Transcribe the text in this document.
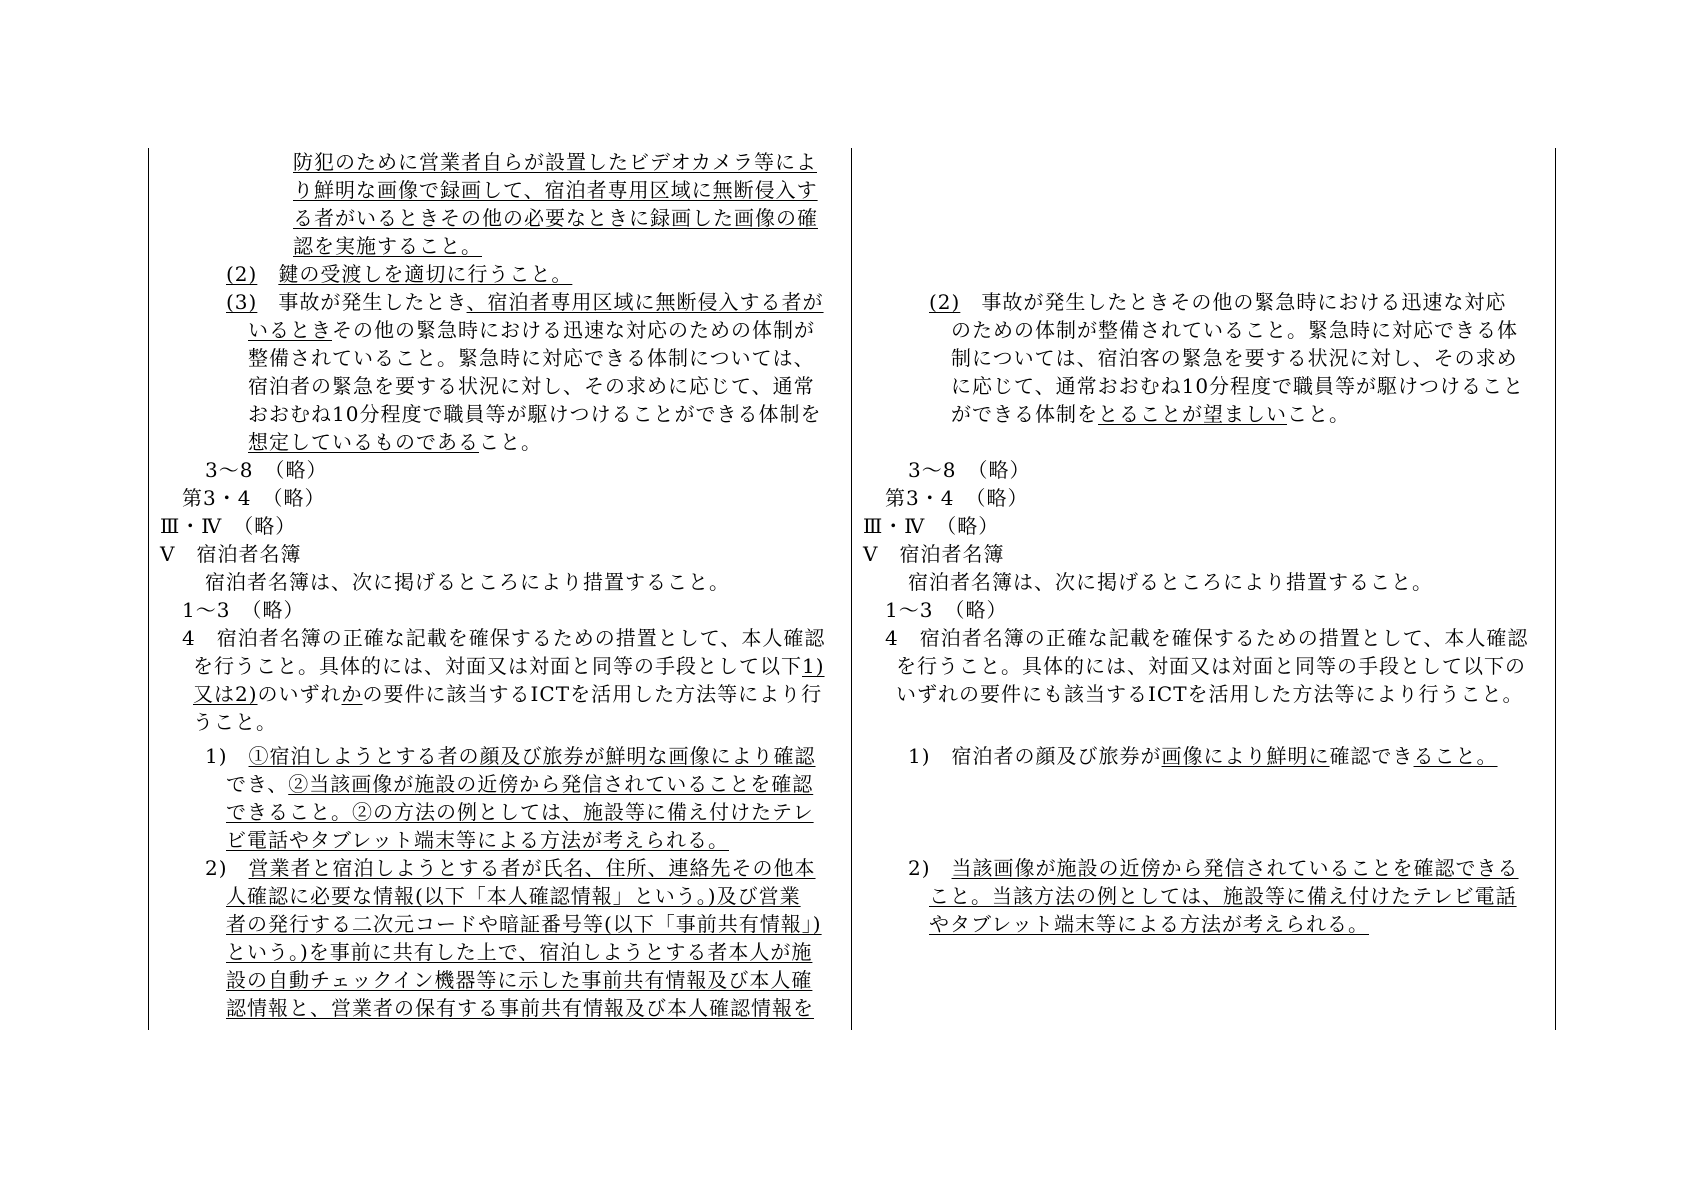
防犯のために営業者自らが設置したビデオカメラ等によ
り鮮明な画像で録画して、宿泊者専用区域に無断侵入す
る者がいるときその他の必要なときに録画した画像の確
認を実施すること。
(2)　 鍵の受渡しを適切に行うこと。
(3)　事故が発生したとき、宿泊者専用区域に無断侵入する者が
いるときその他の緊急時における迅速な対応のための体制が
整備されていること。緊急時に対応できる体制については、
宿泊者の緊急を要する状況に対し、その求めに応じて、通常
おおむね10分程度で職員等が駆けつけることができる体制を
想定しているものであること。
3～8　（略）
第3・4　（略）
Ⅲ・Ⅳ　（略）
Ⅴ　宿泊者名簿
宿泊者名簿は、次に掲げるところにより措置すること。
1～3　（略）
4　宿泊者名簿の正確な記載を確保するための措置として、本人確認
を行うこと。具体的には、対面又は対面と同等の手段として以下1)
又は2)のいずれかの要件に該当するICTを活用した方法等により行
うこと。
1)　①宿泊しようとする者の顔及び旅券が鮮明な画像により確認
でき、②当該画像が施設の近傍から発信されていることを確認
できること。②の方法の例としては、施設等に備え付けたテレ
ビ電話やタブレット端末等による方法が考えられる。
2)　営業者と宿泊しようとする者が氏名、住所、連絡先その他本
人確認に必要な情報(以下「本人確認情報」という。)及び営業
者の発行する二次元コードや暗証番号等(以下「事前共有情報」)
という。)を事前に共有した上で、宿泊しようとする者本人が施
設の自動チェックイン機器等に示した事前共有情報及び本人確
認情報と、営業者の保有する事前共有情報及び本人確認情報を
(2)　事故が発生したときその他の緊急時における迅速な対応
のための体制が整備されていること。緊急時に対応できる体
制については、宿泊客の緊急を要する状況に対し、その求め
に応じて、通常おおむね10分程度で職員等が駆けつけること
ができる体制をとることが望ましいこと。
3～8　（略）
第3・4　（略）
Ⅲ・Ⅳ　（略）
Ⅴ　宿泊者名簿
宿泊者名簿は、次に掲げるところにより措置すること。
1～3　（略）
4　宿泊者名簿の正確な記載を確保するための措置として、本人確認
を行うこと。具体的には、対面又は対面と同等の手段として以下の
いずれの要件にも該当するICTを活用した方法等により行うこと。
1)　宿泊者の顔及び旅券が画像により鮮明に確認できること。
2)　当該画像が施設の近傍から発信されていることを確認できる
こと。当該方法の例としては、施設等に備え付けたテレビ電話
やタブレット端末等による方法が考えられる。
